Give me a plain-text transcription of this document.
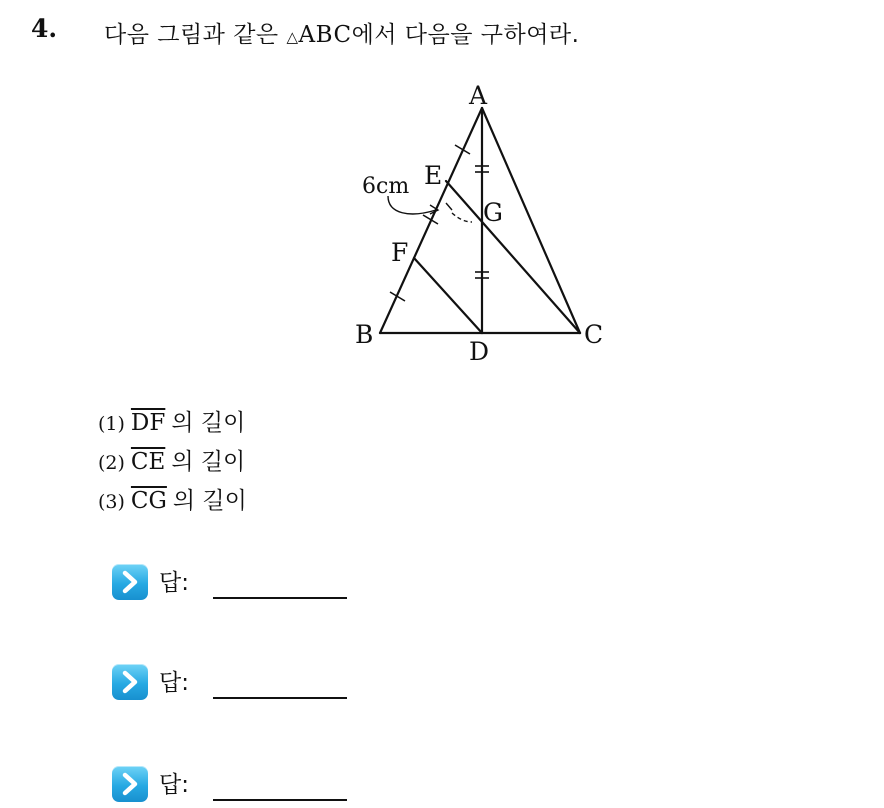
4. 다음 그림과 같은 △ABC에서 다음을 구하여라.
A
B	C
D
E
F
G
6cm
(1) $\overline{DF}$ 의 길이
(2) $\overline{CE}$ 의 길이
(3) $\overline{CG}$ 의 길이
답:
답:
답:
